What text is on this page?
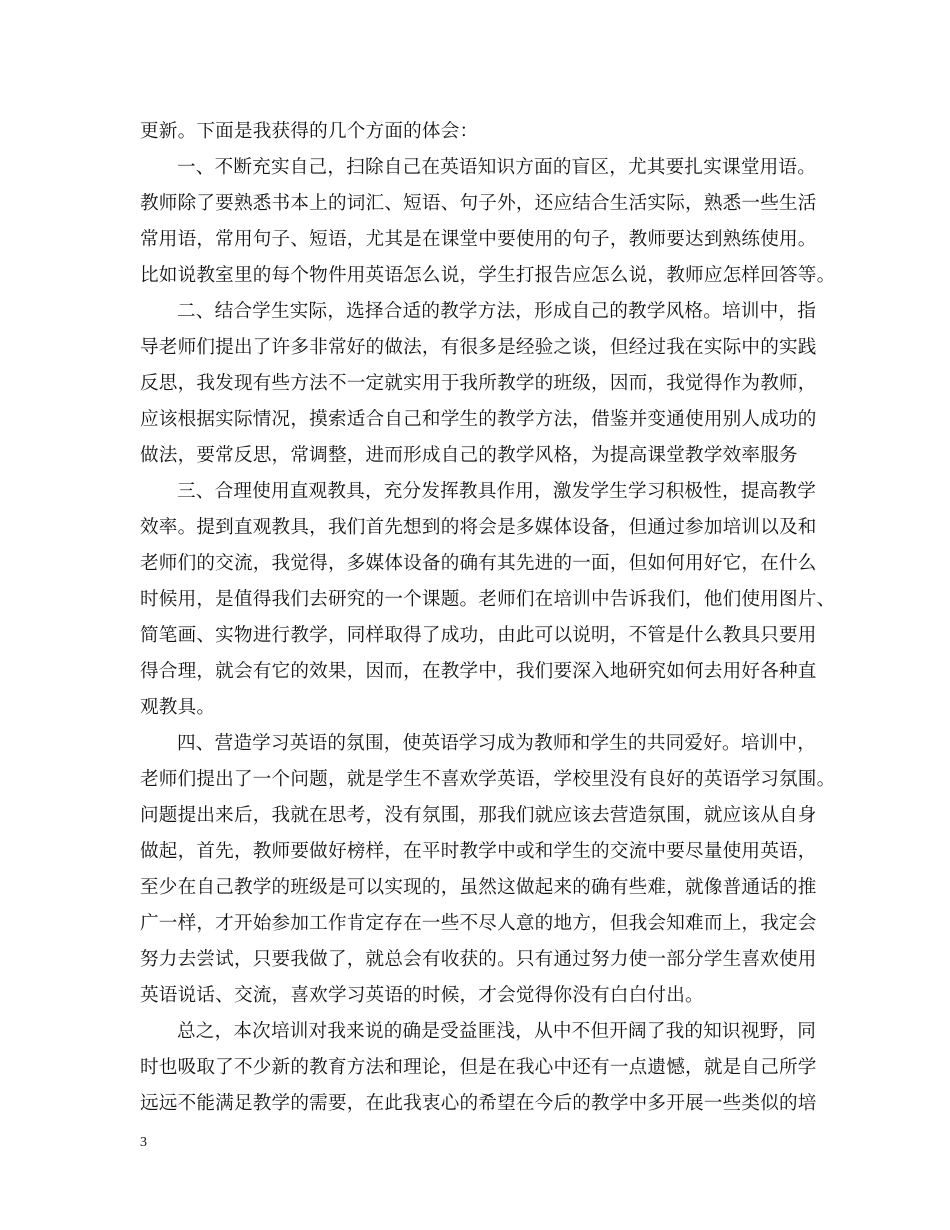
更新。下面是我获得的几个方面的体会：
一、不断充实自己，扫除自己在英语知识方面的盲区，尤其要扎实课堂用语。
教师除了要熟悉书本上的词汇、短语、句子外，还应结合生活实际，熟悉一些生活
常用语，常用句子、短语，尤其是在课堂中要使用的句子，教师要达到熟练使用。
比如说教室里的每个物件用英语怎么说，学生打报告应怎么说，教师应怎样回答等。
二、结合学生实际，选择合适的教学方法，形成自己的教学风格。培训中，指
导老师们提出了许多非常好的做法，有很多是经验之谈，但经过我在实际中的实践
反思，我发现有些方法不一定就实用于我所教学的班级，因而，我觉得作为教师，
应该根据实际情况，摸索适合自己和学生的教学方法，借鉴并变通使用别人成功的
做法，要常反思，常调整，进而形成自己的教学风格，为提高课堂教学效率服务
三、合理使用直观教具，充分发挥教具作用，激发学生学习积极性，提高教学
效率。提到直观教具，我们首先想到的将会是多媒体设备，但通过参加培训以及和
老师们的交流，我觉得，多媒体设备的确有其先进的一面，但如何用好它，在什么
时候用，是值得我们去研究的一个课题。老师们在培训中告诉我们，他们使用图片、
简笔画、实物进行教学，同样取得了成功，由此可以说明，不管是什么教具只要用
得合理，就会有它的效果，因而，在教学中，我们要深入地研究如何去用好各种直
观教具。
四、营造学习英语的氛围，使英语学习成为教师和学生的共同爱好。培训中，
老师们提出了一个问题，就是学生不喜欢学英语，学校里没有良好的英语学习氛围。
问题提出来后，我就在思考，没有氛围，那我们就应该去营造氛围，就应该从自身
做起，首先，教师要做好榜样，在平时教学中或和学生的交流中要尽量使用英语，
至少在自己教学的班级是可以实现的，虽然这做起来的确有些难，就像普通话的推
广一样，才开始参加工作肯定存在一些不尽人意的地方，但我会知难而上，我定会
努力去尝试，只要我做了，就总会有收获的。只有通过努力使一部分学生喜欢使用
英语说话、交流，喜欢学习英语的时候，才会觉得你没有白白付出。
总之，本次培训对我来说的确是受益匪浅，从中不但开阔了我的知识视野，同
时也吸取了不少新的教育方法和理论，但是在我心中还有一点遗憾，就是自己所学
远远不能满足教学的需要，在此我衷心的希望在今后的教学中多开展一些类似的培
3
